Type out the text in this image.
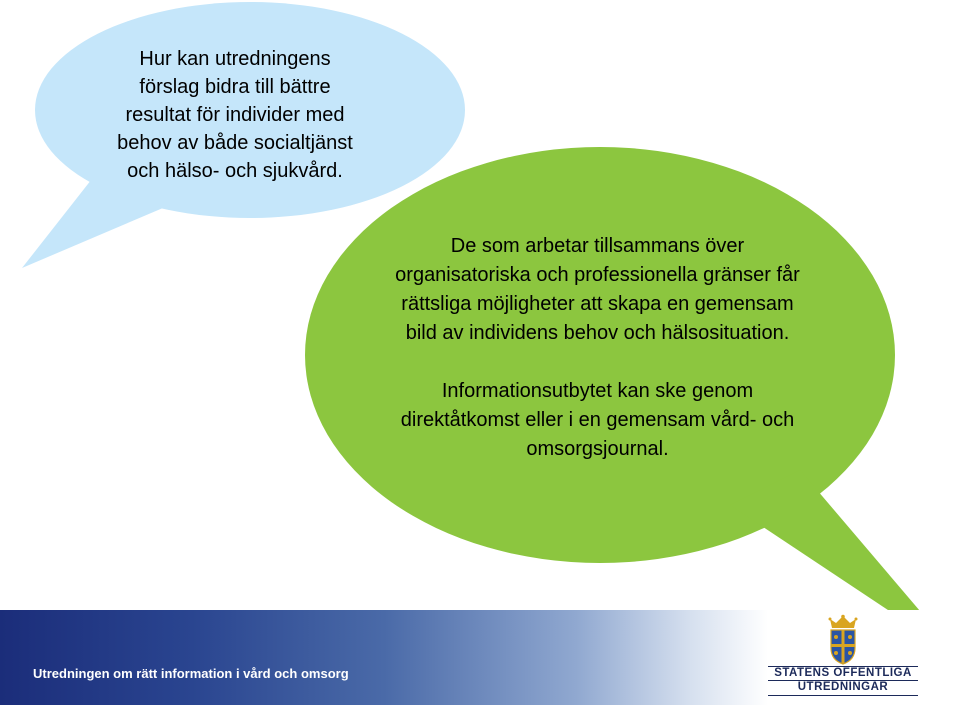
Hur kan utredningens
förslag bidra till bättre
resultat för individer med
behov av både socialtjänst
och hälso- och sjukvård.

De som arbetar tillsammans över organisatoriska och professionella gränser får rättsliga möjligheter att skapa en gemensam bild av individens behov och hälsosituation.

Informationsutbytet kan ske genom direktåtkomst eller i en gemensam vård- och omsorgsjournal.

Utredningen om rätt information i vård och omsorg	STATENS OFFENTLIGA
UTREDNINGAR
